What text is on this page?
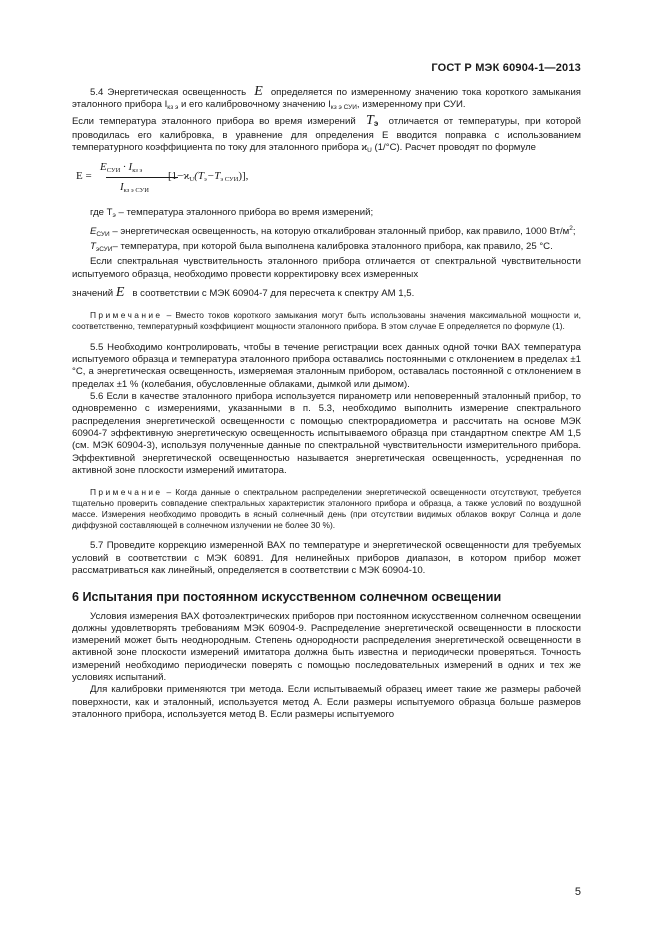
ГОСТ Р МЭК 60904-1—2013

5.4 Энергетическая освещенность E определяется по измеренному значению тока короткого замыкания эталонного прибора $I_{кз э}$ и его калибровочному значению $I_{кз э СУИ}$, измеренному при СУИ.

Если температура эталонного прибора во время измерений $T_э$ отличается от температуры, при которой проводилась его калибровка, в уравнение для определения E вводится поправка с использованием температурного коэффициента по току для эталонного прибора $ϰ_U$ (1/°С). Расчет проводят по формуле

E =
$E_{СУИ} \cdot I_{кз э}$
$I_{кз э СУИ}$
$[1-ϰ_U(T_э-T_{э СУИ})]$,

где $T_э$ – температура эталонного прибора во время измерений;

$E_{СУИ}$ – энергетическая освещенность, на которую откалиброван эталонный прибор, как правило, 1000 $Вт/м^2$;

$T_{эСУИ}-$ температура, при которой была выполнена калибровка эталонного прибора, как правило, 25 °С.

Если спектральная чувствительность эталонного прибора отличается от спектральной чувствительности испытуемого образца, необходимо провести корректировку всех измеренных

значений E в соответствии с МЭК 60904-7 для пересчета к спектру АМ 1,5.

Примечание – Вместо токов короткого замыкания могут быть использованы значения максимальной мощности и, соответственно, температурный коэффициент мощности эталонного прибора. В этом случае E определяется по формуле (1).

5.5 Необходимо контролировать, чтобы в течение регистрации всех данных одной точки ВАХ температура испытуемого образца и температура эталонного прибора оставались постоянными с отклонением в пределах ±1 °С, а энергетическая освещенность, измеряемая эталонным прибором, оставалась постоянной с отклонением в пределах ±1 % (колебания, обусловленные облаками, дымкой или дымом).

5.6 Если в качестве эталонного прибора используется пиранометр или неповеренный эталонный прибор, то одновременно с измерениями, указанными в п. 5.3, необходимо выполнить измерение спектрального распределения энергетической освещенности с помощью спектрорадиометра и рассчитать на основе МЭК 60904-7 эффективную энергетическую освещенность испытываемого образца при стандартном спектре АМ 1,5 (см. МЭК 60904-3), используя полученные данные по спектральной чувствительности измерительного прибора. Эффективной энергетической освещенностью называется энергетическая освещенность, усредненная по активной зоне плоскости измерений имитатора.

Примечание – Когда данные о спектральном распределении энергетической освещенности отсутствуют, требуется тщательно проверить совпадение спектральных характеристик эталонного прибора и образца, а также условий по воздушной массе. Измерения необходимо проводить в ясный солнечный день (при отсутствии видимых облаков вокруг Солнца и доле диффузной составляющей в солнечном излучении не более 30 %).

5.7 Проведите коррекцию измеренной ВАХ по температуре и энергетической освещенности для требуемых условий в соответствии с МЭК 60891. Для нелинейных приборов диапазон, в котором прибор может рассматриваться как линейный, определяется в соответствии с МЭК 60904-10.

6 Испытания при постоянном искусственном солнечном освещении

Условия измерения ВАХ фотоэлектрических приборов при постоянном искусственном солнечном освещении должны удовлетворять требованиям МЭК 60904-9. Распределение энергетической освещенности в плоскости измерений может быть неоднородным. Степень однородности распределения энергетической освещенности в активной зоне плоскости измерений имитатора должна быть известна и периодически проверяться. Точность измерений необходимо периодически поверять с помощью последовательных измерений в одних и тех же условиях испытаний.

Для калибровки применяются три метода. Если испытываемый образец имеет такие же размеры рабочей поверхности, как и эталонный, используется метод А. Если размеры испытуемого образца больше размеров эталонного прибора, используется метод В. Если размеры испытуемого

5
